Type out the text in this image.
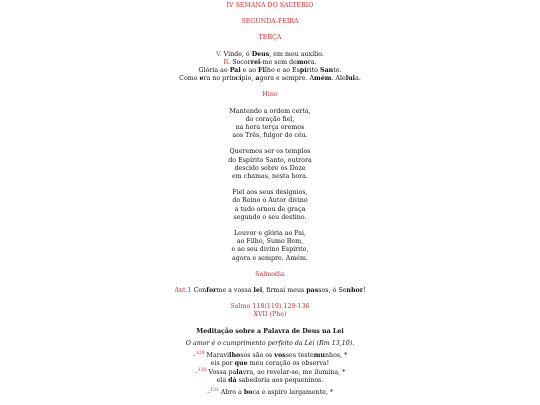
IV SEMANA DO SALTÉRIO
SEGUNDA-FEIRA
TERÇA
V. Vinde, ó Deus, em meu auxílio.
R. Socorrei-me sem demora.
Glória ao Pai e ao Filho e ao Espírito Santo.
Como era no princípio, agora e sempre. Amém. Aleluia.
Hino
Mantendo a ordem certa,
do coração fiel,
na hora terça oremos
aos Três, fulgor do céu.
Queremos ser os templos
do Espírito Santo, outrora
descido sobre os Doze
em chamas, nesta hora.
Fiel aos seus desígnios,
do Reino o Autor divino
a tudo ornou de graça
segundo o seu destino.
Louvor e glória ao Pai,
ao Filho, Sumo Bem,
e ao seu divino Espírito,
agora e sempre. Amém.
Salmodia
Ant.1 Conforme a vossa lei, firmai meus passos, ó Senhor!
Salmo 118(119),129-136
XVII (Phe)
Meditação sobre a Palavra de Deus na Lei
O amor é o cumprimento perfeito da Lei (Rm 13,10).
–$^{129}$ Maravilhosos são os vossos testemunhos, *
eis por que meu coração os observa!
–$^{130}$ Vossa palavra, ao revelar-se, me ilumina, *
ela dá sabedoria aos pequeninos.
–$^{131}$ Abro a boca e aspiro largamente, *
